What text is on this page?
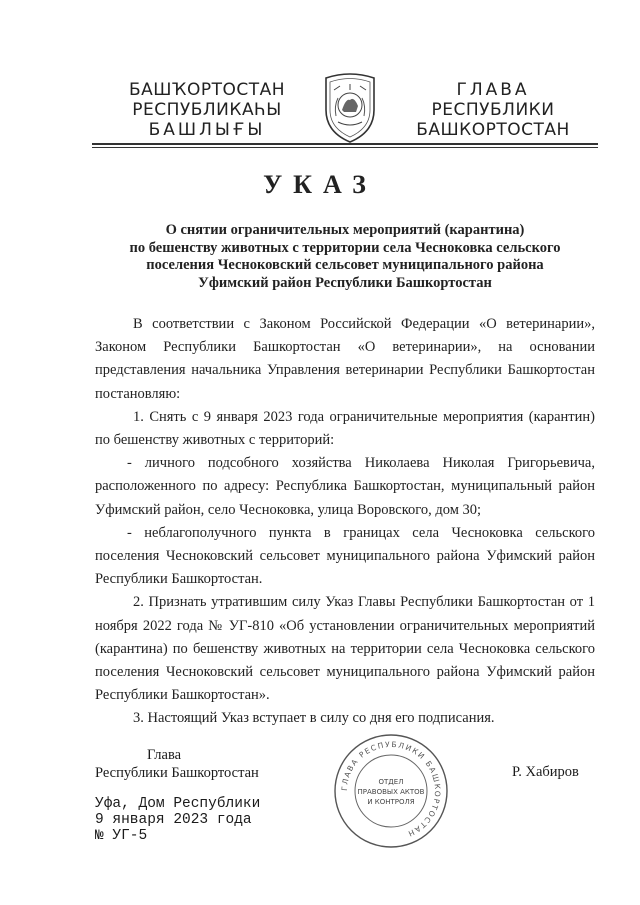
БАШҠОРТОСТАН
РЕСПУБЛИКАҺЫ
БАШЛЫҒЫ
ГЛАВА
РЕСПУБЛИКИ
БАШКОРТОСТАН
УКАЗ
О снятии ограничительных мероприятий (карантина)
по бешенству животных с территории села Чесноковка сельского
поселения Чесноковский сельсовет муниципального района
Уфимский район Республики Башкортостан

В соответствии с Законом Российской Федерации «О ветеринарии», Законом Республики Башкортостан «О ветеринарии», на основании представления начальника Управления ветеринарии Республики Башкортостан постановляю:

1. Снять с 9 января 2023 года ограничительные мероприятия (карантин) по бешенству животных с территорий:

- личного подсобного хозяйства Николаева Николая Григорьевича, расположенного по адресу: Республика Башкортостан, муниципальный район Уфимский район, село Чесноковка, улица Воровского, дом 30;

- неблагополучного пункта в границах села Чесноковка сельского поселения Чесноковский сельсовет муниципального района Уфимский район Республики Башкортостан.

2. Признать утратившим силу Указ Главы Республики Башкортостан от 1 ноября 2022 года № УГ-810 «Об установлении ограничительных мероприятий (карантина) по бешенству животных на территории села Чесноковка сельского поселения Чесноковский сельсовет муниципального района Уфимский район Республики Башкортостан».

3. Настоящий Указ вступает в силу со дня его подписания.

Глава
Республики Башкортостан
ГЛАВА РЕСПУБЛИКИ БАШКОРТОСТАН
ОТДЕЛ
ПРАВОВЫХ АКТОВ
И КОНТРОЛЯ
Р. Хабиров
Уфа, Дом Республики
9 января 2023 года
№ УГ-5
